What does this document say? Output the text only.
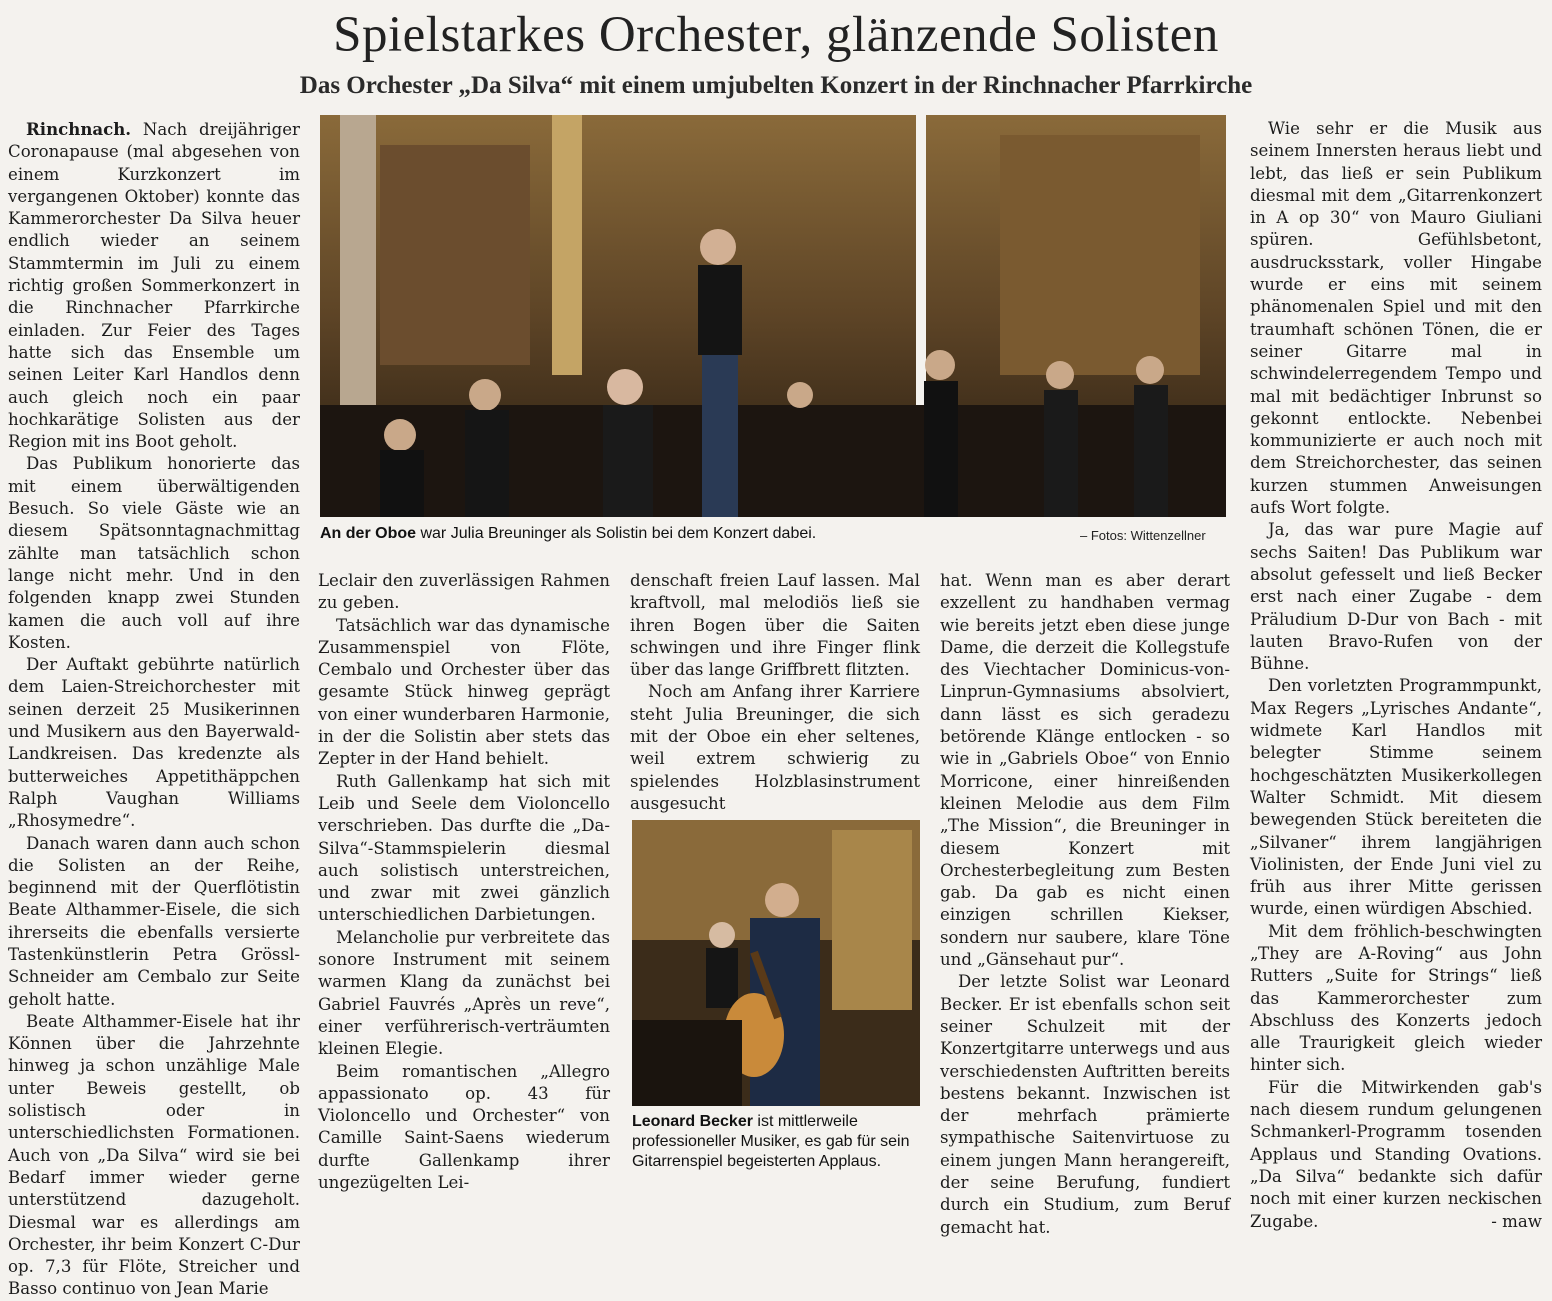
Spielstarkes Orchester, glänzende Solisten
Das Orchester „Da Silva“ mit einem umjubelten Konzert in der Rinchnacher Pfarrkirche

Rinchnach. Nach dreijähriger Coronapause (mal abgesehen von einem Kurzkonzert im vergangenen Oktober) konnte das Kammerorchester Da Silva heuer endlich wieder an seinem Stammtermin im Juli zu einem richtig großen Sommerkonzert in die Rinchnacher Pfarrkirche einladen. Zur Feier des Tages hatte sich das Ensemble um seinen Leiter Karl Handlos denn auch gleich noch ein paar hochkarätige Solisten aus der Region mit ins Boot geholt.

Das Publikum honorierte das mit einem überwältigenden Besuch. So viele Gäste wie an diesem Spätsonntagnachmittag zählte man tatsächlich schon lange nicht mehr. Und in den folgenden knapp zwei Stunden kamen die auch voll auf ihre Kosten.

Der Auftakt gebührte natürlich dem Laien-Streichorchester mit seinen derzeit 25 Musikerinnen und Musikern aus den Bayerwald-Landkreisen. Das kredenzte als butterweiches Appetithäppchen Ralph Vaughan Williams „Rhosymedre“.

Danach waren dann auch schon die Solisten an der Reihe, beginnend mit der Querflötistin Beate Althammer-Eisele, die sich ihrerseits die ebenfalls versierte Tastenkünstlerin Petra Grössl-Schneider am Cembalo zur Seite geholt hatte.

Beate Althammer-Eisele hat ihr Können über die Jahrzehnte hinweg ja schon unzählige Male unter Beweis gestellt, ob solistisch oder in unterschiedlichsten Formationen. Auch von „Da Silva“ wird sie bei Bedarf immer wieder gerne unterstützend dazugeholt. Diesmal war es allerdings am Orchester, ihr beim Konzert C-Dur op. 7,3 für Flöte, Streicher und Basso continuo von Jean Marie

An der Oboe war Julia Breuninger als Solistin bei dem Konzert dabei.	– Fotos: Wittenzellner

Leclair den zuverlässigen Rahmen zu geben.

Tatsächlich war das dynamische Zusammenspiel von Flöte, Cembalo und Orchester über das gesamte Stück hinweg geprägt von einer wunderbaren Harmonie, in der die Solistin aber stets das Zepter in der Hand behielt.

Ruth Gallenkamp hat sich mit Leib und Seele dem Violoncello verschrieben. Das durfte die „Da-Silva“-Stammspielerin diesmal auch solistisch unterstreichen, und zwar mit zwei gänzlich unterschiedlichen Darbietungen.

Melancholie pur verbreitete das sonore Instrument mit seinem warmen Klang da zunächst bei Gabriel Fauvrés „Après un reve“, einer verführerisch-verträumten kleinen Elegie.

Beim romantischen „Allegro appassionato op. 43 für Violoncello und Orchester“ von Camille Saint-Saens wiederum durfte Gallenkamp ihrer ungezügelten Lei-

denschaft freien Lauf lassen. Mal kraftvoll, mal melodiös ließ sie ihren Bogen über die Saiten schwingen und ihre Finger flink über das lange Griffbrett flitzten.

Noch am Anfang ihrer Karriere steht Julia Breuninger, die sich mit der Oboe ein eher seltenes, weil extrem schwierig zu spielendes Holzblasinstrument ausgesucht

Leonard Becker ist mittlerweile professioneller Musiker, es gab für sein Gitarrenspiel begeisterten Applaus.

hat. Wenn man es aber derart exzellent zu handhaben vermag wie bereits jetzt eben diese junge Dame, die derzeit die Kollegstufe des Viechtacher Dominicus-von-Linprun-Gymnasiums absolviert, dann lässt es sich geradezu betörende Klänge entlocken - so wie in „Gabriels Oboe“ von Ennio Morricone, einer hinreißenden kleinen Melodie aus dem Film „The Mission“, die Breuninger in diesem Konzert mit Orchesterbegleitung zum Besten gab. Da gab es nicht einen einzigen schrillen Kiekser, sondern nur saubere, klare Töne und „Gänsehaut pur“.

Der letzte Solist war Leonard Becker. Er ist ebenfalls schon seit seiner Schulzeit mit der Konzertgitarre unterwegs und aus verschiedensten Auftritten bereits bestens bekannt. Inzwischen ist der mehrfach prämierte sympathische Saitenvirtuose zu einem jungen Mann herangereift, der seine Berufung, fundiert durch ein Studium, zum Beruf gemacht hat.

Wie sehr er die Musik aus seinem Innersten heraus liebt und lebt, das ließ er sein Publikum diesmal mit dem „Gitarrenkonzert in A op 30“ von Mauro Giuliani spüren. Gefühlsbetont, ausdrucksstark, voller Hingabe wurde er eins mit seinem phänomenalen Spiel und mit den traumhaft schönen Tönen, die er seiner Gitarre mal in schwindelerregendem Tempo und mal mit bedächtiger Inbrunst so gekonnt entlockte. Nebenbei kommunizierte er auch noch mit dem Streichorchester, das seinen kurzen stummen Anweisungen aufs Wort folgte.

Ja, das war pure Magie auf sechs Saiten! Das Publikum war absolut gefesselt und ließ Becker erst nach einer Zugabe - dem Präludium D-Dur von Bach - mit lauten Bravo-Rufen von der Bühne.

Den vorletzten Programmpunkt, Max Regers „Lyrisches Andante“, widmete Karl Handlos mit belegter Stimme seinem hochgeschätzten Musikerkollegen Walter Schmidt. Mit diesem bewegenden Stück bereiteten die „Silvaner“ ihrem langjährigen Violinisten, der Ende Juni viel zu früh aus ihrer Mitte gerissen wurde, einen würdigen Abschied.

Mit dem fröhlich-beschwingten „They are A-Roving“ aus John Rutters „Suite for Strings“ ließ das Kammerorchester zum Abschluss des Konzerts jedoch alle Traurigkeit gleich wieder hinter sich.

Für die Mitwirkenden gab's nach diesem rundum gelungenen Schmankerl-Programm tosenden Applaus und Standing Ovations. „Da Silva“ bedankte sich dafür noch mit einer kurzen neckischen Zugabe.	- maw
